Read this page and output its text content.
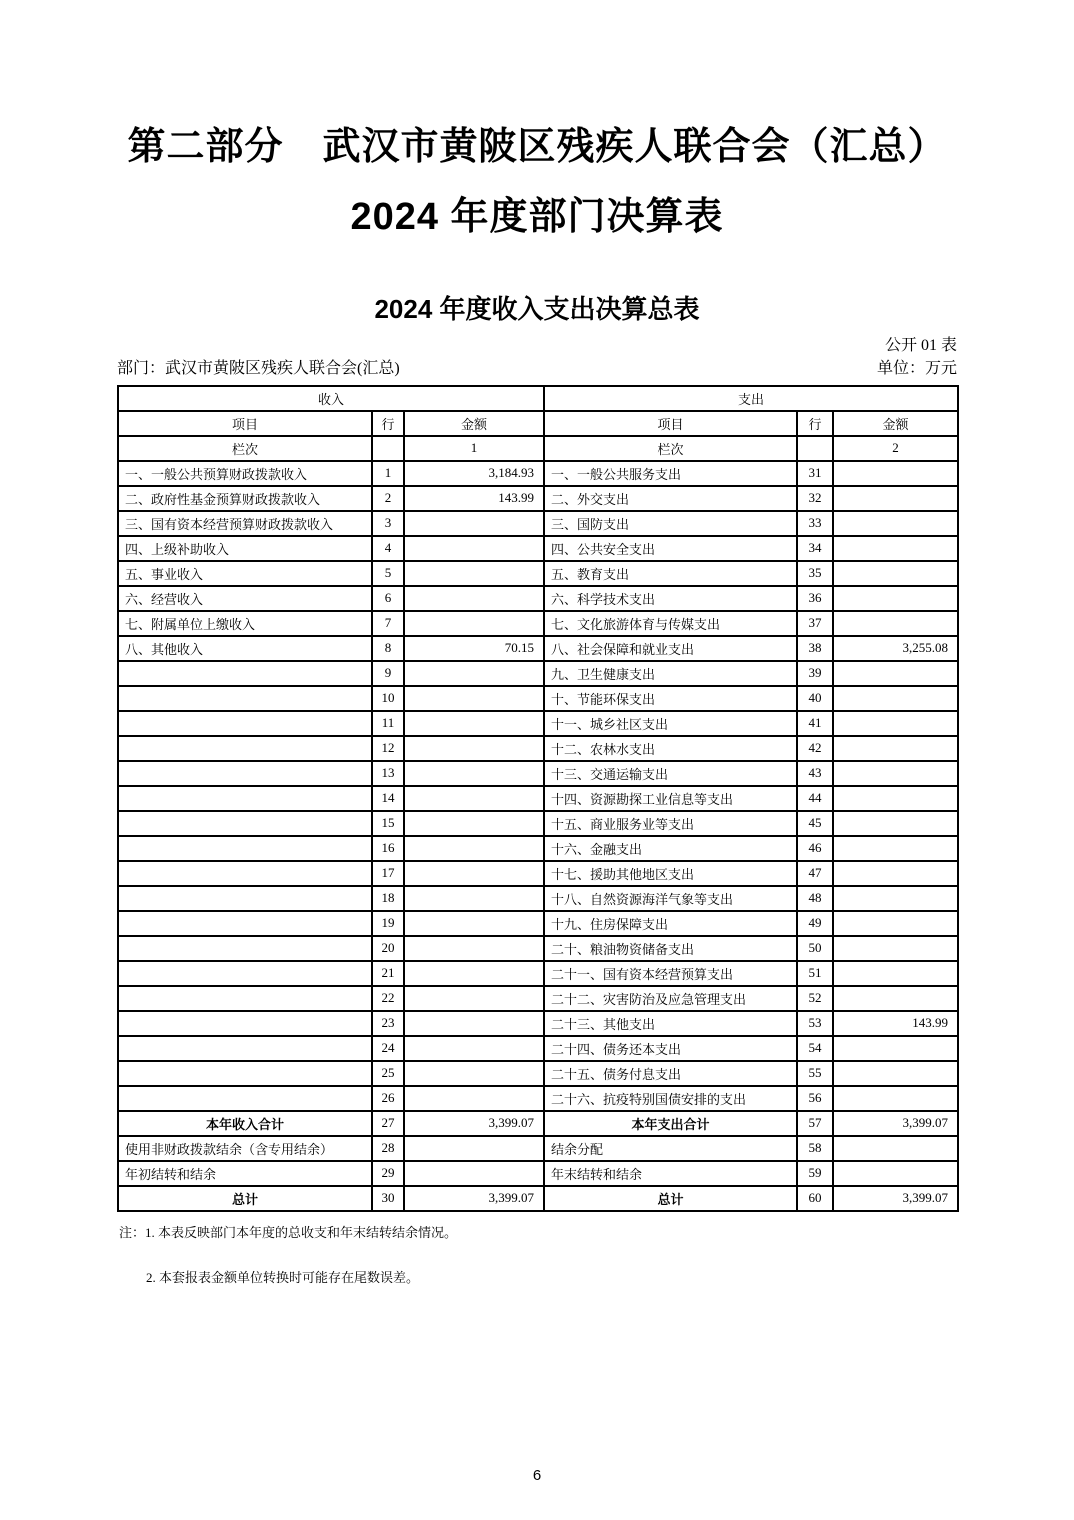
第二部分　武汉市黄陂区残疾人联合会（汇总）
2024 年度部门决算表
2024 年度收入支出决算总表
公开 01 表
部门：武汉市黄陂区残疾人联合会(汇总)	单位：万元
收入			支出		
项目	行	金额	项目	行	金额
栏次		1	栏次		2
一、一般公共预算财政拨款收入	1	3,184.93	一、一般公共服务支出	31	
二、政府性基金预算财政拨款收入	2	143.99	二、外交支出	32	
三、国有资本经营预算财政拨款收入	3		三、国防支出	33	
四、上级补助收入	4		四、公共安全支出	34	
五、事业收入	5		五、教育支出	35	
六、经营收入	6		六、科学技术支出	36	
七、附属单位上缴收入	7		七、文化旅游体育与传媒支出	37	
八、其他收入	8	70.15	八、社会保障和就业支出	38	3,255.08
	9		九、卫生健康支出	39	
	10		十、节能环保支出	40	
	11		十一、城乡社区支出	41	
	12		十二、农林水支出	42	
	13		十三、交通运输支出	43	
	14		十四、资源勘探工业信息等支出	44	
	15		十五、商业服务业等支出	45	
	16		十六、金融支出	46	
	17		十七、援助其他地区支出	47	
	18		十八、自然资源海洋气象等支出	48	
	19		十九、住房保障支出	49	
	20		二十、粮油物资储备支出	50	
	21		二十一、国有资本经营预算支出	51	
	22		二十二、灾害防治及应急管理支出	52	
	23		二十三、其他支出	53	143.99
	24		二十四、债务还本支出	54	
	25		二十五、债务付息支出	55	
	26		二十六、抗疫特别国债安排的支出	56	
本年收入合计	27	3,399.07	本年支出合计	57	3,399.07
使用非财政拨款结余（含专用结余）	28		结余分配	58	
年初结转和结余	29		年末结转和结余	59	
总计	30	3,399.07	总计	60	3,399.07
注：1. 本表反映部门本年度的总收支和年末结转结余情况。
2. 本套报表金额单位转换时可能存在尾数误差。
6
